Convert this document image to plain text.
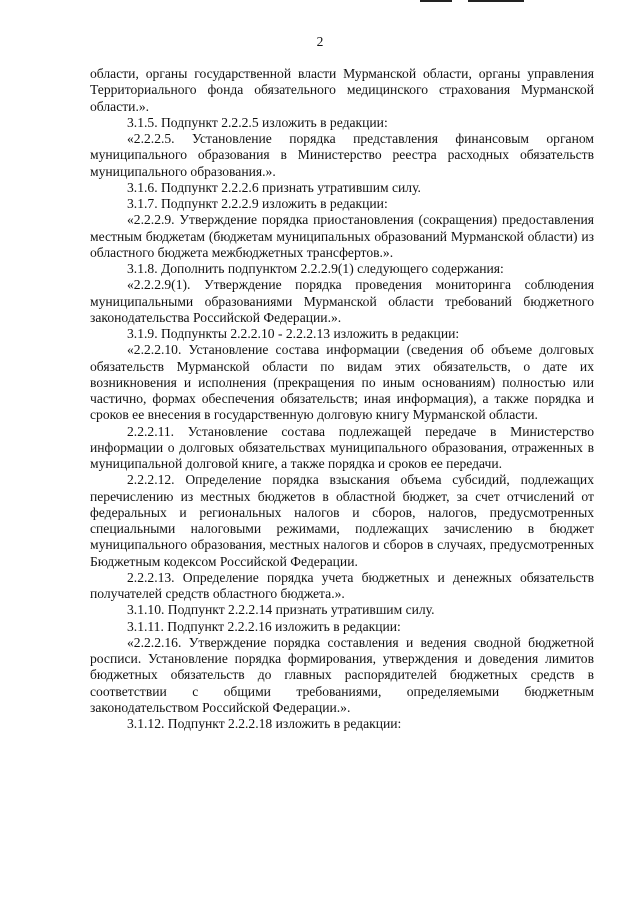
2

области, органы государственной власти Мурманской области, органы управления Территориального фонда обязательного медицинского страхования Мурманской области.».

3.1.5. Подпункт 2.2.2.5 изложить в редакции:

«2.2.2.5. Установление порядка представления финансовым органом муниципального образования в Министерство реестра расходных обязательств муниципального образования.».

3.1.6. Подпункт 2.2.2.6 признать утратившим силу.

3.1.7. Подпункт 2.2.2.9 изложить в редакции:

«2.2.2.9. Утверждение порядка приостановления (сокращения) предоставления местным бюджетам (бюджетам муниципальных образований Мурманской области) из областного бюджета межбюджетных трансфертов.».

3.1.8. Дополнить подпунктом 2.2.2.9(1) следующего содержания:

«2.2.2.9(1). Утверждение порядка проведения мониторинга соблюдения муниципальными образованиями Мурманской области требований бюджетного законодательства Российской Федерации.».

3.1.9. Подпункты 2.2.2.10 - 2.2.2.13 изложить в редакции:

«2.2.2.10. Установление состава информации (сведения об объеме долговых обязательств Мурманской области по видам этих обязательств, о дате их возникновения и исполнения (прекращения по иным основаниям) полностью или частично, формах обеспечения обязательств; иная информация), а также порядка и сроков ее внесения в государственную долговую книгу Мурманской области.

2.2.2.11. Установление состава подлежащей передаче в Министерство информации о долговых обязательствах муниципального образования, отраженных в муниципальной долговой книге, а также порядка и сроков ее передачи.

2.2.2.12. Определение порядка взыскания объема субсидий, подлежащих перечислению из местных бюджетов в областной бюджет, за счет отчислений от федеральных и региональных налогов и сборов, налогов, предусмотренных специальными налоговыми режимами, подлежащих зачислению в бюджет муниципального образования, местных налогов и сборов в случаях, предусмотренных Бюджетным кодексом Российской Федерации.

2.2.2.13. Определение порядка учета бюджетных и денежных обязательств получателей средств областного бюджета.».

3.1.10. Подпункт 2.2.2.14 признать утратившим силу.

3.1.11. Подпункт 2.2.2.16 изложить в редакции:

«2.2.2.16. Утверждение порядка составления и ведения сводной бюджетной росписи. Установление порядка формирования, утверждения и доведения лимитов бюджетных обязательств до главных распорядителей бюджетных средств в соответствии с общими требованиями, определяемыми бюджетным законодательством Российской Федерации.».

3.1.12. Подпункт 2.2.2.18 изложить в редакции:
